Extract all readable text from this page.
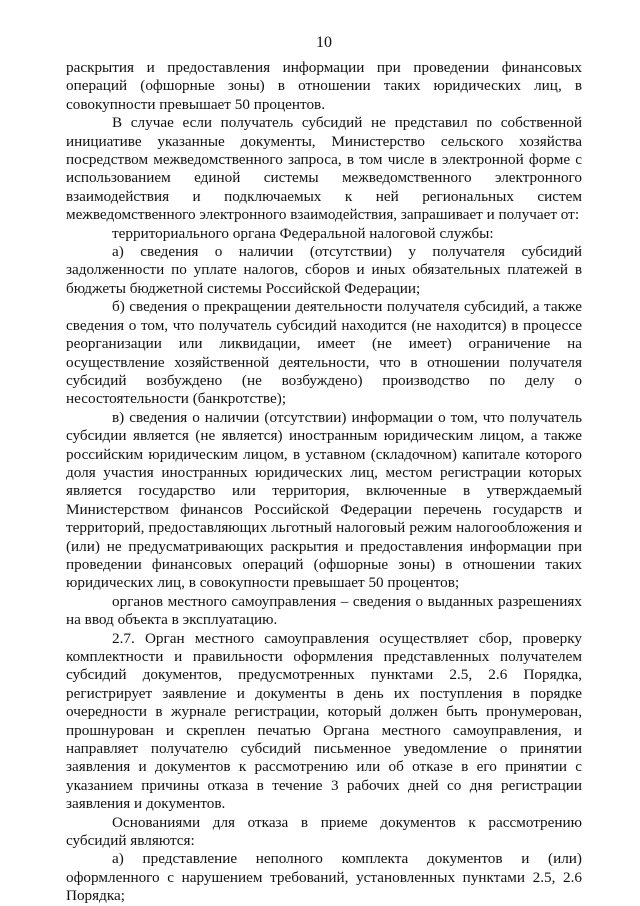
10

раскрытия и предоставления информации при проведении финансовых операций (офшорные зоны) в отношении таких юридических лиц, в совокупности превышает 50 процентов.

В случае если получатель субсидий не представил по собственной инициативе указанные документы, Министерство сельского хозяйства посредством межведомственного запроса, в том числе в электронной форме с использованием единой системы межведомственного электронного взаимодействия и подключаемых к ней региональных систем межведомственного электронного взаимодействия, запрашивает и получает от:

территориального органа Федеральной налоговой службы:

а) сведения о наличии (отсутствии) у получателя субсидий задолженности по уплате налогов, сборов и иных обязательных платежей в бюджеты бюджетной системы Российской Федерации;

б) сведения о прекращении деятельности получателя субсидий, а также сведения о том, что получатель субсидий находится (не находится) в процессе реорганизации или ликвидации, имеет (не имеет) ограничение на осуществление хозяйственной деятельности, что в отношении получателя субсидий возбуждено (не возбуждено) производство по делу о несостоятельности (банкротстве);

в) сведения о наличии (отсутствии) информации о том, что получатель субсидии является (не является) иностранным юридическим лицом, а также российским юридическим лицом, в уставном (складочном) капитале которого доля участия иностранных юридических лиц, местом регистрации которых является государство или территория, включенные в утверждаемый Министерством финансов Российской Федерации перечень государств и территорий, предоставляющих льготный налоговый режим налогообложения и (или) не предусматривающих раскрытия и предоставления информации при проведении финансовых операций (офшорные зоны) в отношении таких юридических лиц, в совокупности превышает 50 процентов;

органов местного самоуправления – сведения о выданных разрешениях на ввод объекта в эксплуатацию.

2.7. Орган местного самоуправления осуществляет сбор, проверку комплектности и правильности оформления представленных получателем субсидий документов, предусмотренных пунктами 2.5, 2.6 Порядка, регистрирует заявление и документы в день их поступления в порядке очередности в журнале регистрации, который должен быть пронумерован, прошнурован и скреплен печатью Органа местного самоуправления, и направляет получателю субсидий письменное уведомление о принятии заявления и документов к рассмотрению или об отказе в его принятии с указанием причины отказа в течение 3 рабочих дней со дня регистрации заявления и документов.

Основаниями для отказа в приеме документов к рассмотрению субсидий являются:

а) представление неполного комплекта документов и (или) оформленного с нарушением требований, установленных пунктами 2.5, 2.6 Порядка;
